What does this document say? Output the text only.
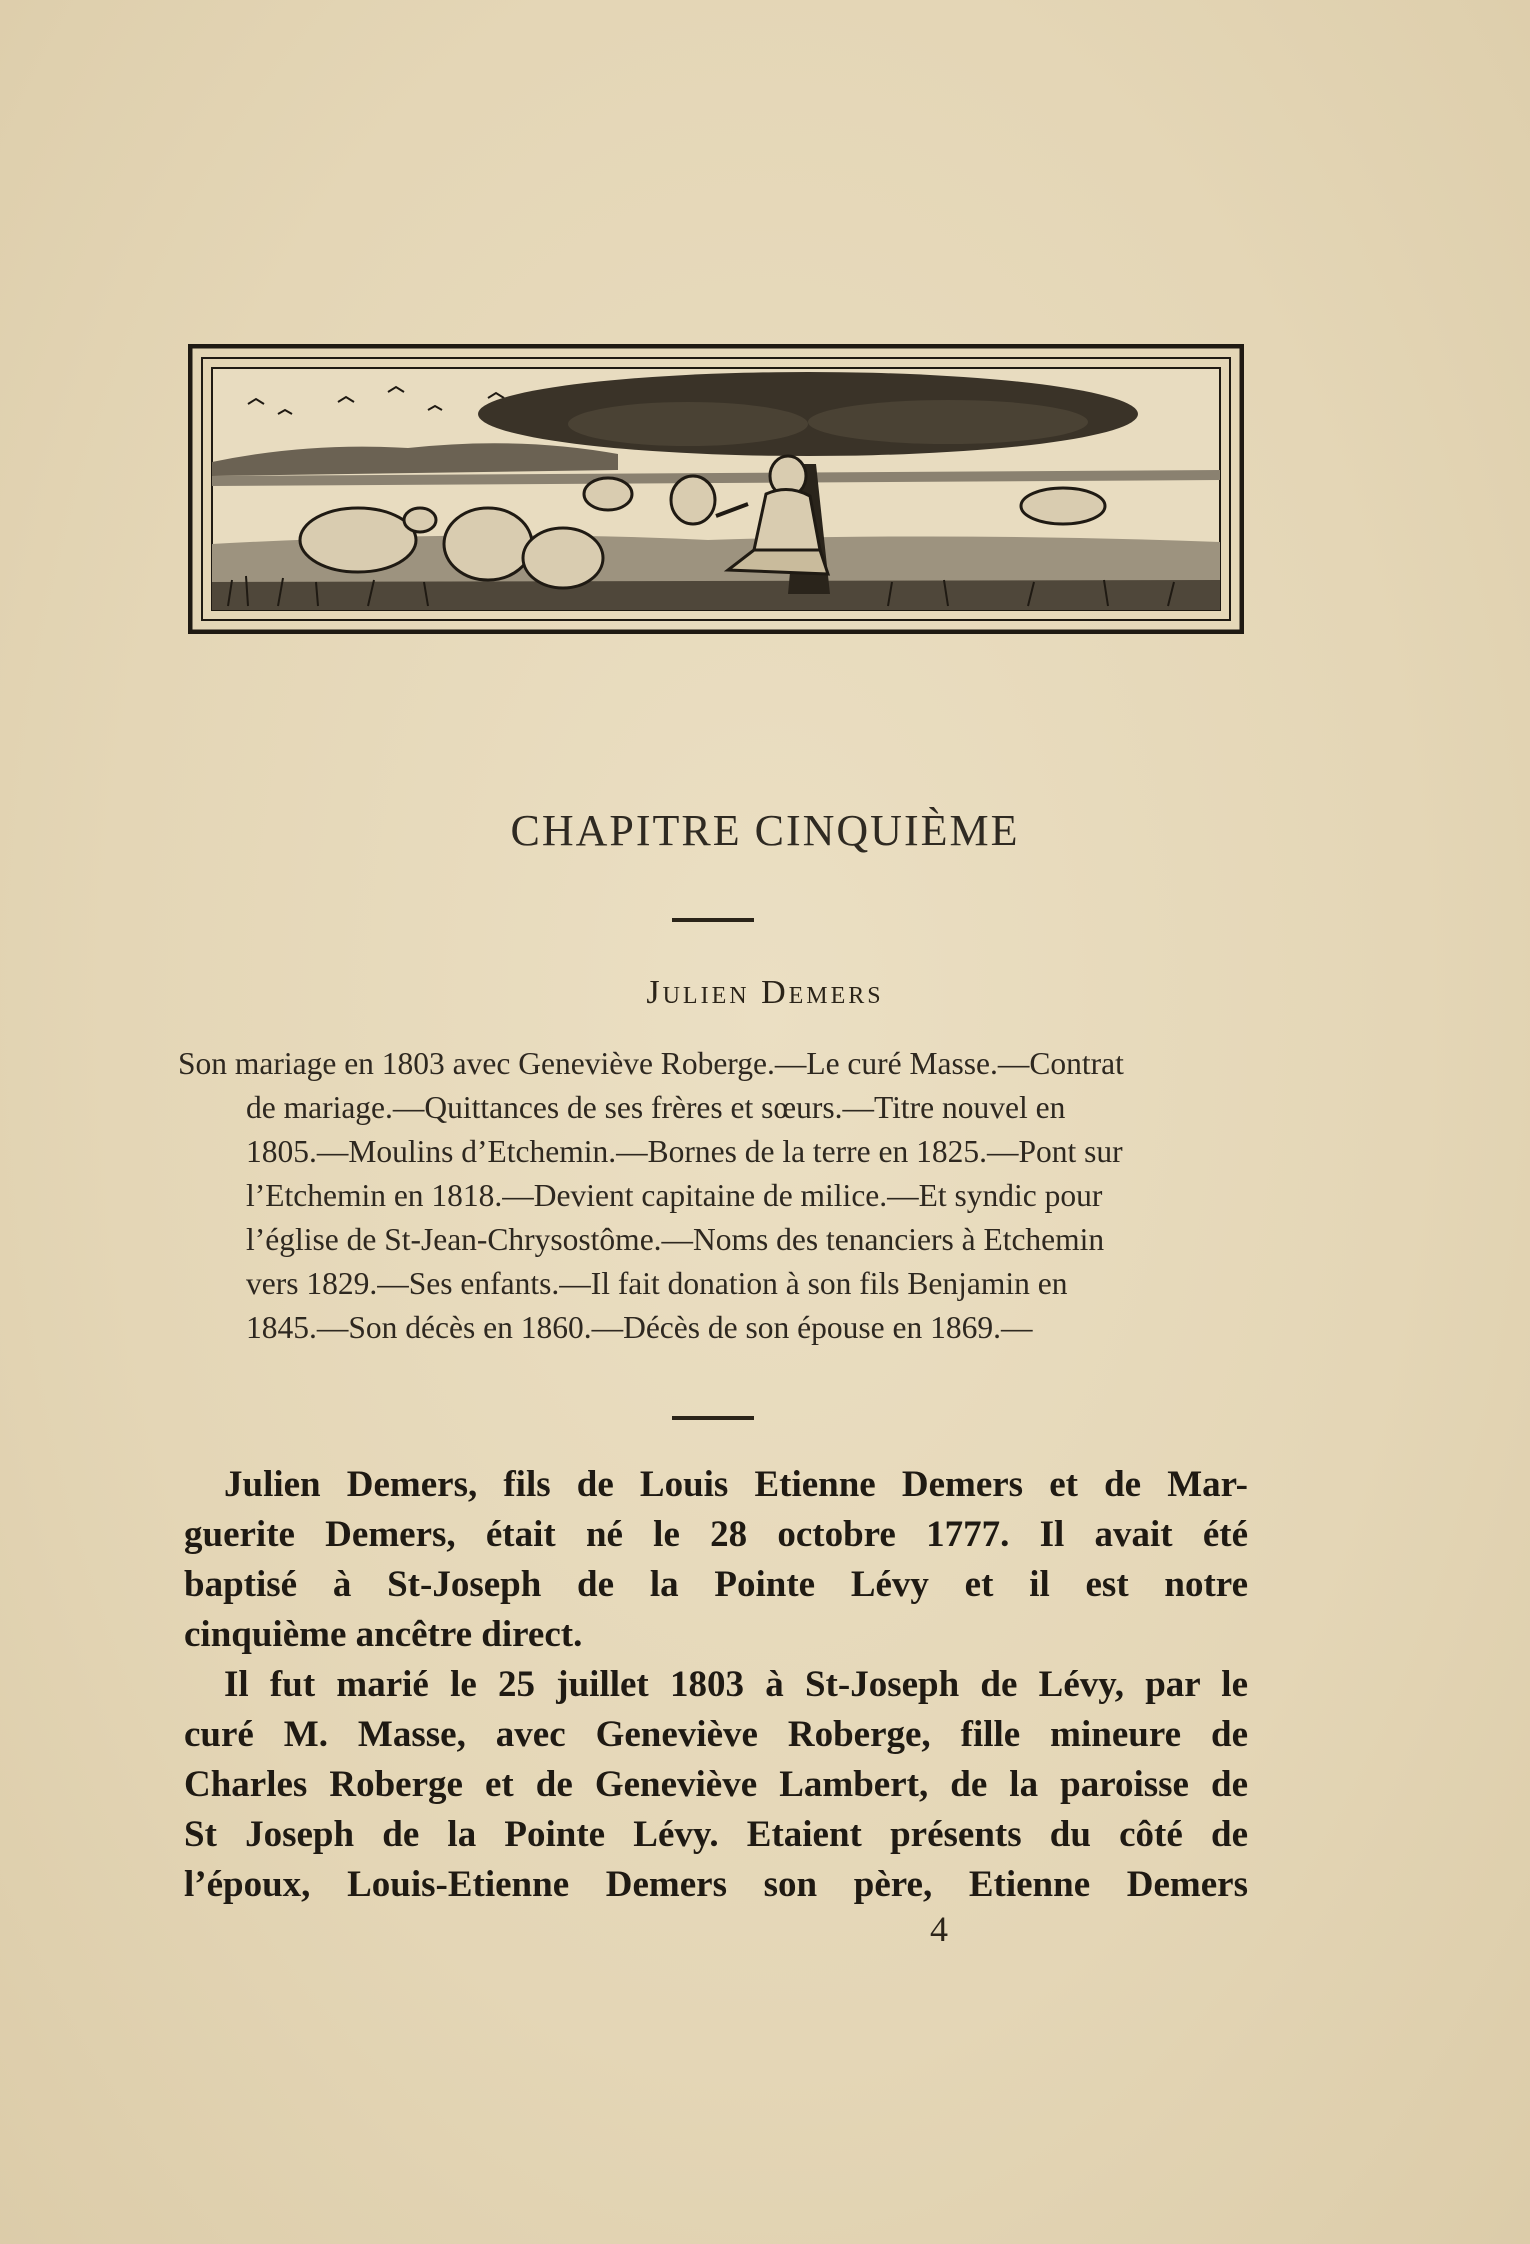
CHAPITRE CINQUIÈME
Julien Demers
Son mariage en 1803 avec Geneviève Roberge.—Le curé Masse.—Contrat
de mariage.—Quittances de ses frères et sœurs.—Titre nouvel en
1805.—Moulins d’Etchemin.—Bornes de la terre en 1825.—Pont sur
l’Etchemin en 1818.—Devient capitaine de milice.—Et syndic pour
l’église de St-Jean-Chrysostôme.—Noms des tenanciers à Etchemin
vers 1829.—Ses enfants.—Il fait donation à son fils Benjamin en
1845.—Son décès en 1860.—Décès de son épouse en 1869.—
Julien Demers, fils de Louis Etienne Demers et de Mar-
guerite Demers, était né le 28 octobre 1777. Il avait été
baptisé à St-Joseph de la Pointe Lévy et il est notre
cinquième ancêtre direct.
Il fut marié le 25 juillet 1803 à St-Joseph de Lévy, par le
curé M. Masse, avec Geneviève Roberge, fille mineure de
Charles Roberge et de Geneviève Lambert, de la paroisse de
St Joseph de la Pointe Lévy. Etaient présents du côté de
l’époux, Louis-Etienne Demers son père, Etienne Demers
4
